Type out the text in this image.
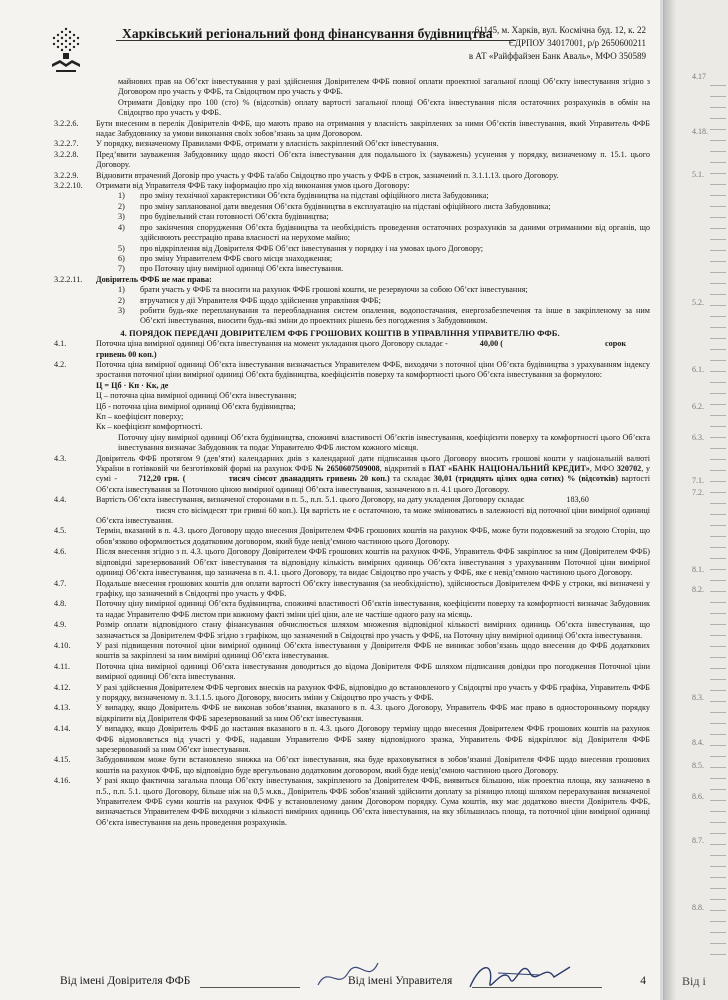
Харківський регіональний фонд фінансування будівництва
61145, м. Харків, вул. Космічна буд. 12, к. 22
ЄДРПОУ 34017001, р/р 2650600211
в АТ «Райффайзен Банк Аваль», МФО 350589
майнових прав на Об’єкт інвестування у разі здійснення Довірителем ФФБ повної оплати проектної загальної площі Об’єкту інвестування згідно з Договором про участь у ФФБ, та Свідоцтвом про участь у ФФБ.
Отримати Довідку про 100 (сто) % (відсотків) оплату вартості загальної площі Об’єкта інвестування після остаточних розрахунків в обмін на Свідоцтво про участь у ФФБ.
3.2.2.6.	Бути внесеним в перелік Довірителів ФФБ, що мають право на отримання у власність закріплених за ними Об’єктів інвестування, який Управитель ФФБ надає Забудовнику за умови виконання своїх зобов’язань за цим Договором.
3.2.2.7.	У порядку, визначеному Правилами ФФБ, отримати у власність закріплений Об’єкт інвестування.
3.2.2.8.	Пред’явити зауваження Забудовнику щодо якості Об’єкта інвестування для подальшого їх (зауважень) усунення у порядку, визначеному п. 15.1. цього Договору.
3.2.2.9.	Відновити втрачений Договір про участь у ФФБ та/або Свідоцтво про участь у ФФБ в строк, зазначений п. 3.1.1.13. цього Договору.
3.2.2.10.	Отримати від Управителя ФФБ таку інформацію про хід виконання умов цього Договору:
1)	про зміну технічної характеристики Об’єкта будівництва на підставі офіційного листа Забудовника;
2)	про зміну запланованої дати введення Об’єкта будівництва в експлуатацію на підставі офіційного листа Забудовника;
3)	про будівельний стан готовності Об’єкта будівництва;
4)	про закінчення спорудження Об’єкта будівництва та необхідність проведення остаточних розрахунків за даними отриманими від органів, що здійснюють реєстрацію права власності на нерухоме майно;
5)	про відкріплення від Довірителя ФФБ Об’єкт інвестування у порядку і на умовах цього Договору;
6)	про зміну Управителем ФФБ свого місця знаходження;
7)	про Поточну ціну вимірної одиниці Об’єкта інвестування.
3.2.2.11.	Довіритель ФФБ не має права:
1)	брати участь у ФФБ та вносити на рахунок ФФБ грошові кошти, не резервуючи за собою Об’єкт інвестування;
2)	втручатися у дії Управителя ФФБ щодо здійснення управління ФФБ;
3)	робити будь-яке перепланування та переобладнання систем опалення, водопостачання, енергозабезпечення та інше в закріпленому за ним Об’єкті інвестування, вносити будь-які зміни до проектних рішень без погодження з Забудовником.
4. ПОРЯДОК ПЕРЕДАЧІ ДОВІРИТЕЛЕМ ФФБ ГРОШОВИХ КОШТІВ В УПРАВЛІННЯ УПРАВИТЕЛЮ ФФБ.
4.1.	Поточна ціна вимірної одиниці Об’єкта інвестування на момент укладання цього Договору складає -	40,00 (	сорок
гривень 00 коп.)
4.2.	Поточна ціна вимірної одиниці Об’єкта інвестування визначається Управителем ФФБ, виходячи з поточної ціни Об’єкта будівництва з урахуванням індексу зростання поточної ціни вимірної одиниці Об’єкта будівництва, коефіцієнтів поверху та комфортності цього Об’єкта інвестування за формулою:
Ц = Цб · Кп · Кк, де
Ц – поточна ціна вимірної одиниці Об’єкта інвестування;
Цб - поточна ціна вимірної одиниці Об’єкта будівництва;
Кп – коефіцієнт поверху;
Кк – коефіцієнт комфортності.
Поточну ціну вимірної одиниці Об’єкта будівництва, споживчі властивості Об’єктів інвестування, коефіцієнти поверху та комфортності цього Об’єкта інвестування визначає Забудовник та подає Управителю ФФБ листом кожного місяця.
4.3.	Довіритель ФФБ протягом 9 (дев’яти) календарних днів з календарної дати підписання цього Договору вносить грошові кошти у національній валюті України в готівковій чи безготівковій формі на рахунок ФФБ № 2650607509008, відкритий в ПАТ «БАНК НАЦІОНАЛЬНИЙ КРЕДИТ», МФО 320702, у сумі -	712,20 грн. (	тисяч сімсот дванадцять гривень 20 коп.) та складає 30,01 (тридцять цілих одна сотих) % (відсотків) вартості Об’єкта інвестування за Поточною ціною вимірної одиниці Об’єкта інвестування, зазначеною в п. 4.1 цього Договору.
4.4.	Вартість Об’єкта інвестування, визначеної сторонами в п. 5., п.п. 5.1. цього Договору, на дату укладення Договору складає	183,60
тисяч сто вісімдесят три гривні 60 коп.). Ця вартість не є остаточною, та може змінюватись в залежності від поточної ціни вимірної одиниці Об’єкта інвестування.
4.5.	Термін, вказаний в п. 4.3. цього Договору щодо внесення Довірителем ФФБ грошових коштів на рахунок ФФБ, може бути подовжений за згодою Сторін, що обов’язково оформлюється додатковим договором, який буде невід’ємною частиною цього Договору.
4.6.	Після внесення згідно з п. 4.3. цього Договору Довірителем ФФБ грошових коштів на рахунок ФФБ, Управитель ФФБ закріплює за ним (Довірителем ФФБ) відповідні зарезервований Об’єкт інвестування та відповідну кількість вимірних одиниць Об’єкта інвестування з урахуванням Поточної ціни вимірної одиниці Об’єкта інвестування, що зазначена в п. 4.1. цього Договору, та видає Свідоцтво про участь у ФФБ, яке є невід’ємною частиною цього Договору.
4.7.	Подальше внесення грошових коштів для оплати вартості Об’єкту інвестування (за необхідністю), здійснюється Довірителем ФФБ у строки, які визначені у графіку, що зазначений в Свідоцтві про участь у ФФБ.
4.8.	Поточну ціну вимірної одиниці Об’єкта будівництва, споживчі властивості Об’єктів інвестування, коефіцієнти поверху та комфортності визначає Забудовник та надає Управителю ФФБ листом при кожному факті зміни цієї ціни, але не частіше одного разу на місяць.
4.9.	Розмір оплати відповідного стану фінансування обчислюється шляхом множення відповідної кількості вимірних одиниць Об’єкта інвестування, що зазначається за Довірителем ФФБ згідно з графіком, що зазначений в Свідоцтві про участь у ФФБ, на Поточну ціну вимірної одиниці Об’єкта інвестування.
4.10.	У разі підвищення поточної ціни вимірної одиниці Об’єкта інвестування у Довірителя ФФБ не виникає зобов’язань щодо внесення до ФФБ додаткових коштів за закріплені за ним вимірні одиниці Об’єкта інвестування.
4.11.	Поточна ціна вимірної одиниці Об’єкта інвестування доводиться до відома Довірителя ФФБ шляхом підписання довідки про погодження Поточної ціни вимірної одиниці Об’єкта інвестування.
4.12.	У разі здійснення Довірителем ФФБ чергових внесків на рахунок ФФБ, відповідно до встановленого у Свідоцтві про участь у ФФБ графіка, Управитель ФФБ у порядку, визначеному п. 3.1.1.5. цього Договору, вносить зміни у Свідоцтво про участь у ФФБ.
4.13.	У випадку, якщо Довіритель ФФБ не виконав зобов’язання, вказаного в п. 4.3. цього Договору, Управитель ФФБ має право в односторонньому порядку відкріпити від Довірителя ФФБ зарезервований за ним Об’єкт інвестування.
4.14.	У випадку, якщо Довіритель ФФБ до настання вказаного в п. 4.3. цього Договору терміну щодо внесення Довірителем ФФБ грошових коштів на рахунок ФФБ відмовляється від участі у ФФБ, надавши Управителю ФФБ заяву відповідного зразка, Управитель ФФБ відкріплює від Довірителя ФФБ зарезервований за ним Об’єкт інвестування.
4.15.	Забудовником може бути встановлено знижка на Об’єкт інвестування, яка буде враховуватися в зобов’язанні Довірителя ФФБ щодо внесення грошових коштів на рахунок ФФБ, що відповідно буде врегульовано додатковим договором, який буде невід’ємною частиною цього Договору.
4.16.	У разі якщо фактична загальна площа Об’єкту інвестування, закріпленого за Довірителем ФФБ, виявиться більшою, ніж проектна площа, яку зазначено в п.5., п.п. 5.1. цього Договору, більше ніж на 0,5 м.кв., Довіритель ФФБ зобов’язаний здійснити доплату за різницю площі шляхом перерахування визначеної Управителем ФФБ суми коштів на рахунок ФФБ у встановленому даним Договором порядку. Сума коштів, яку має додатково внести Довіритель ФФБ, визначається Управителем ФФБ виходячи з кількості вимірних одиниць Об’єкта інвестування, на яку збільшилась площа, та поточної ціни вимірної одиниці Об’єкта інвестування на день проведення розрахунків.
Від імені Довірителя ФФБ	Від імені Управителя	4
4.17
4.18.
5.1.
5.2.
6.1.
6.2.
6.3.
7.1.
7.2.
8.1.
8.2.
8.3.
8.4.
8.5.
8.6.
8.7.
8.8.
Від і
